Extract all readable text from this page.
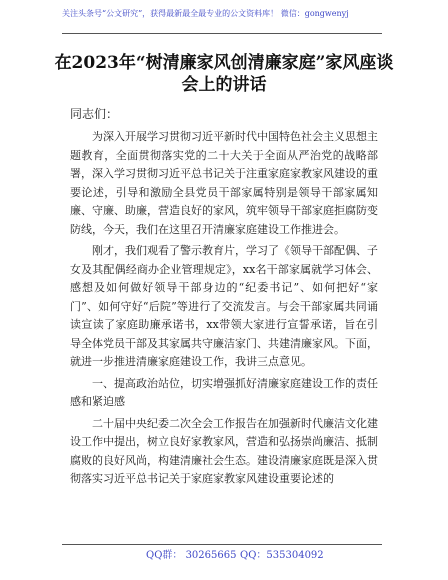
关注头条号“公文研究”，获得最新最全最专业的公文资料库！ 微信：gongwenyj
在2023年“树清廉家风创清廉家庭”家风座谈会上的讲话
同志们：

为深入开展学习贯彻习近平新时代中国特色社会主义思想主题教育，全面贯彻落实党的二十大关于全面从严治党的战略部署，深入学习贯彻习近平总书记关于注重家庭家教家风建设的重要论述，引导和激励全县党员干部家属特别是领导干部家属知廉、守廉、助廉，营造良好的家风，筑牢领导干部家庭拒腐防变防线，今天，我们在这里召开清廉家庭建设工作推进会。

刚才，我们观看了警示教育片，学习了《领导干部配偶、子女及其配偶经商办企业管理规定》，xx名干部家属就学习体会、感想及如何做好领导干部身边的“纪委书记”、如何把好“家门”、如何守好“后院”等进行了交流发言。与会干部家属共同诵读宣读了家庭助廉承诺书，xx带领大家进行宣誓承诺，旨在引导全体党员干部及其家属共守廉洁家门、共建清廉家风。下面，就进一步推进清廉家庭建设工作，我讲三点意见。

一、提高政治站位，切实增强抓好清廉家庭建设工作的责任感和紧迫感

二十届中央纪委二次全会工作报告在加强新时代廉洁文化建设工作中提出，树立良好家教家风，营造和弘扬崇尚廉洁、抵制腐败的良好风尚，构建清廉社会生态。建设清廉家庭既是深入贯彻落实习近平总书记关于家庭家教家风建设重要论述的

QQ群： 30265665 QQ：535304092
